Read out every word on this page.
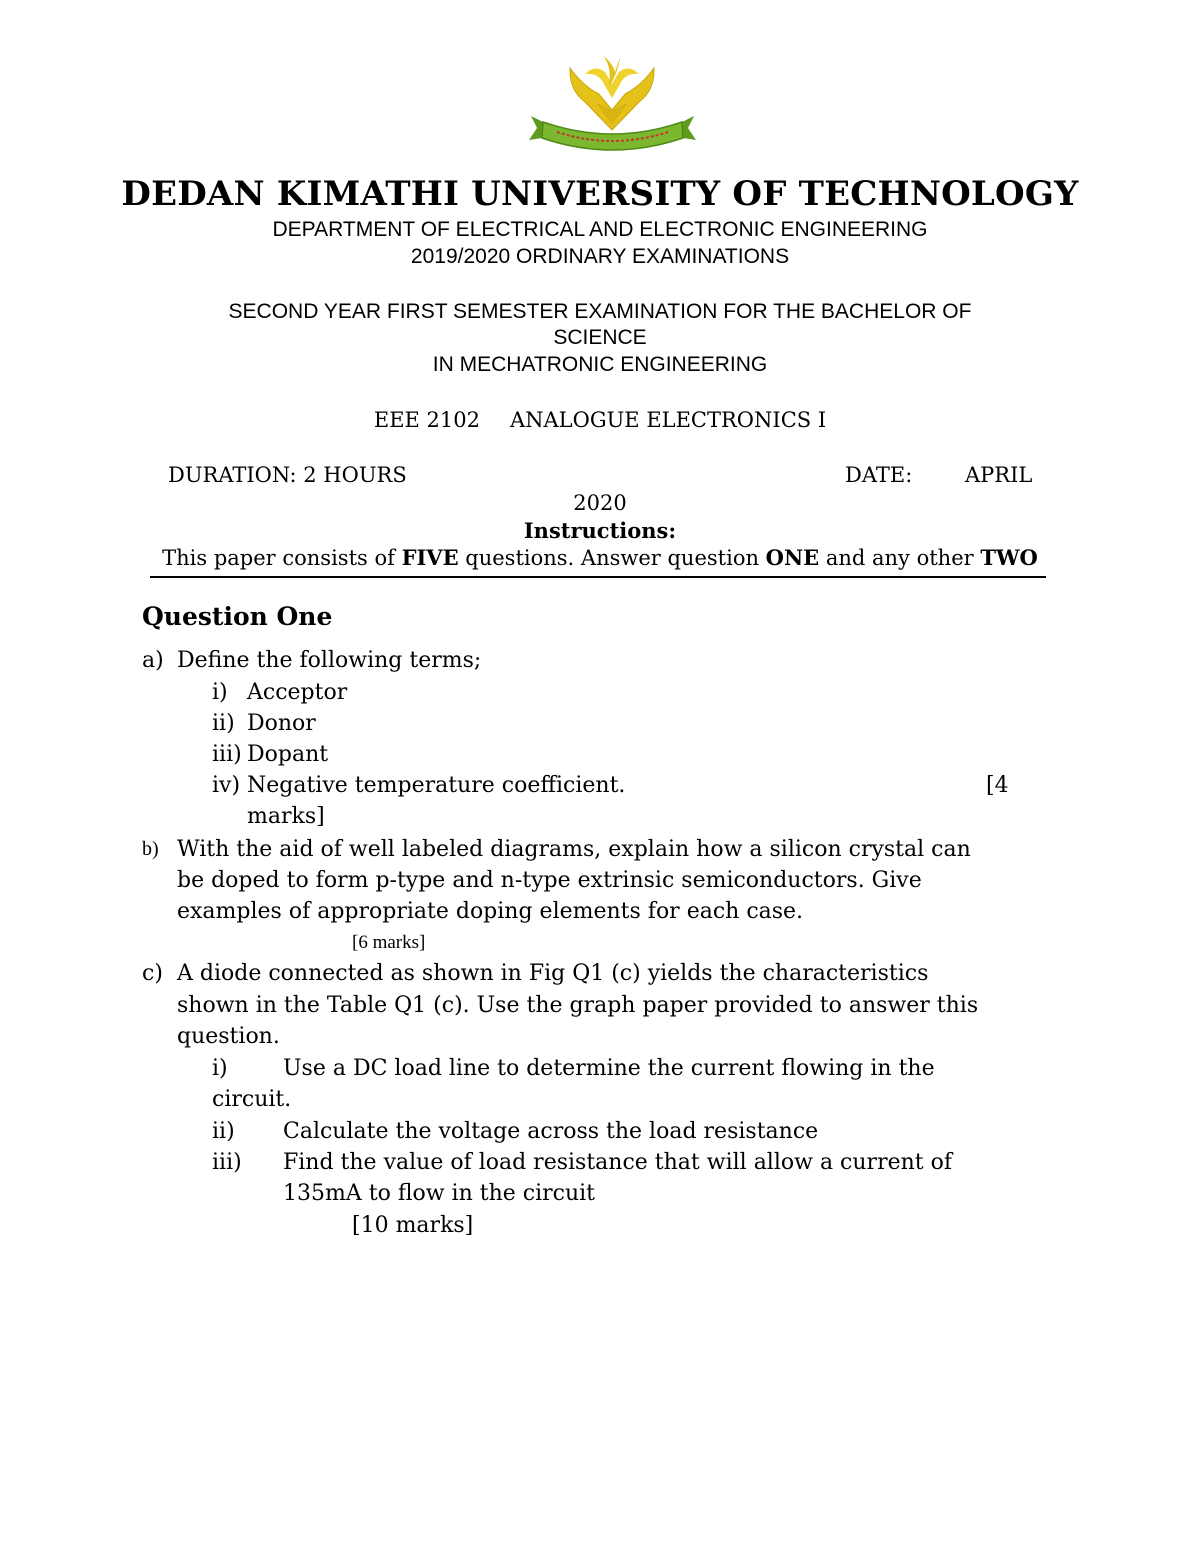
DEDAN KIMATHI UNIVERSITY OF TECHNOLOGY
DEPARTMENT OF ELECTRICAL AND ELECTRONIC ENGINEERING
2019/2020 ORDINARY EXAMINATIONS
SECOND YEAR FIRST SEMESTER EXAMINATION FOR THE BACHELOR OF
SCIENCE
IN MECHATRONIC ENGINEERING
EEE 2102 ANALOGUE ELECTRONICS I
DURATION: 2 HOURS	DATE:	APRIL
2020
Instructions:
This paper consists of FIVE questions. Answer question ONE and any other TWO
Question One
a) Define the following terms;
i) Acceptor
ii) Donor
iii) Dopant
iv) Negative temperature coefficient.	[4
marks]
b) With the aid of well labeled diagrams, explain how a silicon crystal can
be doped to form p-type and n-type extrinsic semiconductors. Give
examples of appropriate doping elements for each case.
[6 marks]
c) A diode connected as shown in Fig Q1 (c) yields the characteristics
shown in the Table Q1 (c). Use the graph paper provided to answer this
question.
i)	Use a DC load line to determine the current flowing in the
circuit.
ii) Calculate the voltage across the load resistance
iii) Find the value of load resistance that will allow a current of
135mA to flow in the circuit
[10 marks]
